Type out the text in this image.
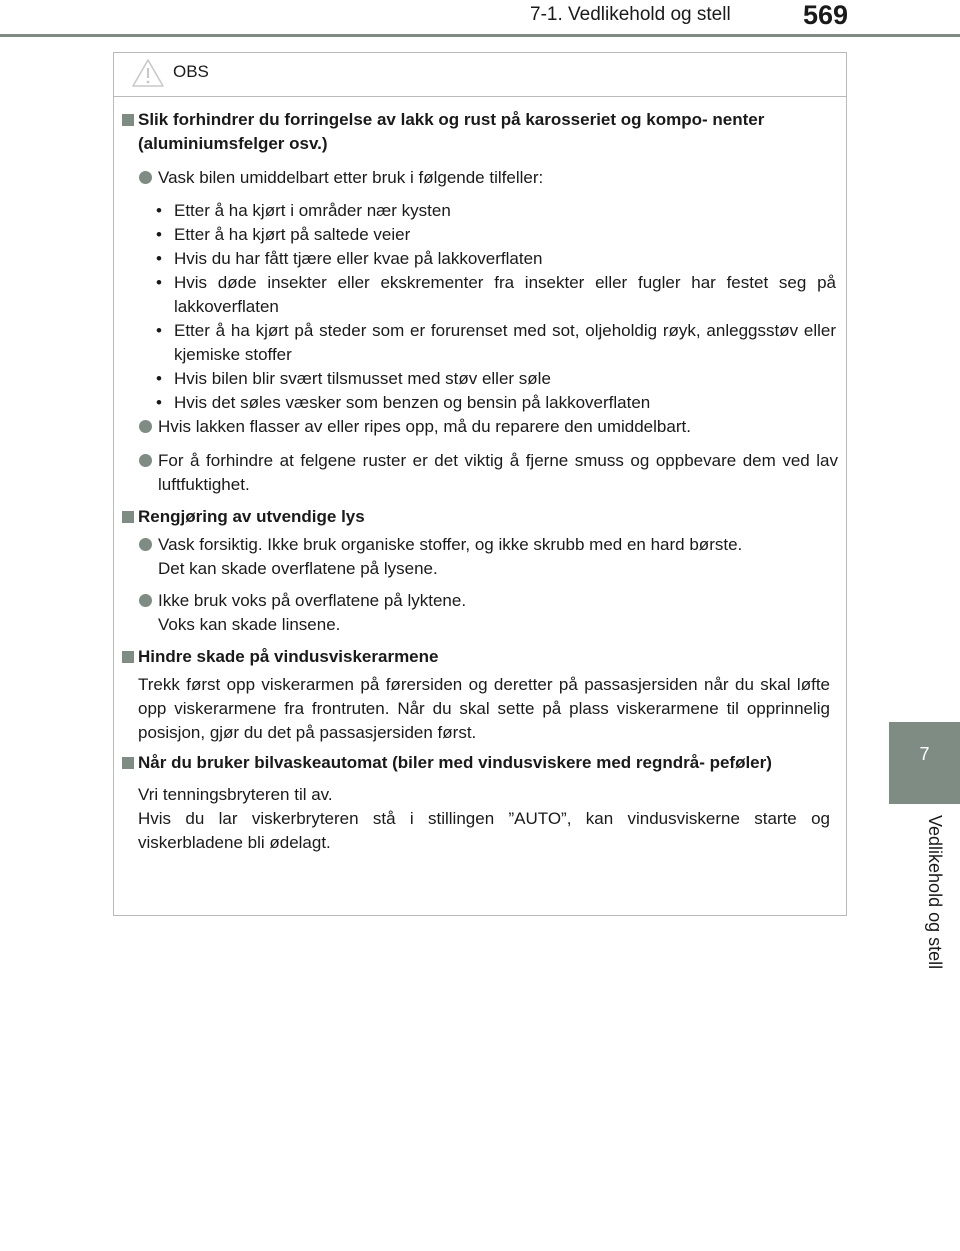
7-1. Vedlikehold og stell	569
7
Vedlikehold og stell
OBS
Slik forhindrer du forringelse av lakk og rust på karosseriet og kompo- nenter (aluminiumsfelger osv.)
Vask bilen umiddelbart etter bruk i følgende tilfeller:
• Etter å ha kjørt i områder nær kysten
• Etter å ha kjørt på saltede veier
• Hvis du har fått tjære eller kvae på lakkoverflaten
• Hvis døde insekter eller ekskrementer fra insekter eller fugler har festet seg på lakkoverflaten
• Etter å ha kjørt på steder som er forurenset med sot, oljeholdig røyk, anleggsstøv eller kjemiske stoffer
• Hvis bilen blir svært tilsmusset med støv eller søle
• Hvis det søles væsker som benzen og bensin på lakkoverflaten
Hvis lakken flasser av eller ripes opp, må du reparere den umiddelbart.
For å forhindre at felgene ruster er det viktig å fjerne smuss og oppbevare dem ved lav luftfuktighet.
Rengjøring av utvendige lys
Vask forsiktig. Ikke bruk organiske stoffer, og ikke skrubb med en hard børste.
Det kan skade overflatene på lysene.
Ikke bruk voks på overflatene på lyktene.
Voks kan skade linsene.
Hindre skade på vindusviskerarmene
Trekk først opp viskerarmen på førersiden og deretter på passasjersiden når du skal løfte opp viskerarmene fra frontruten. Når du skal sette på plass viskerarmene til opprinnelig posisjon, gjør du det på passasjersiden først.
Når du bruker bilvaskeautomat (biler med vindusviskere med regndrå- peføler)
Vri tenningsbryteren til av.
Hvis du lar viskerbryteren stå i stillingen ”AUTO”, kan vindusviskerne starte og viskerbladene bli ødelagt.
